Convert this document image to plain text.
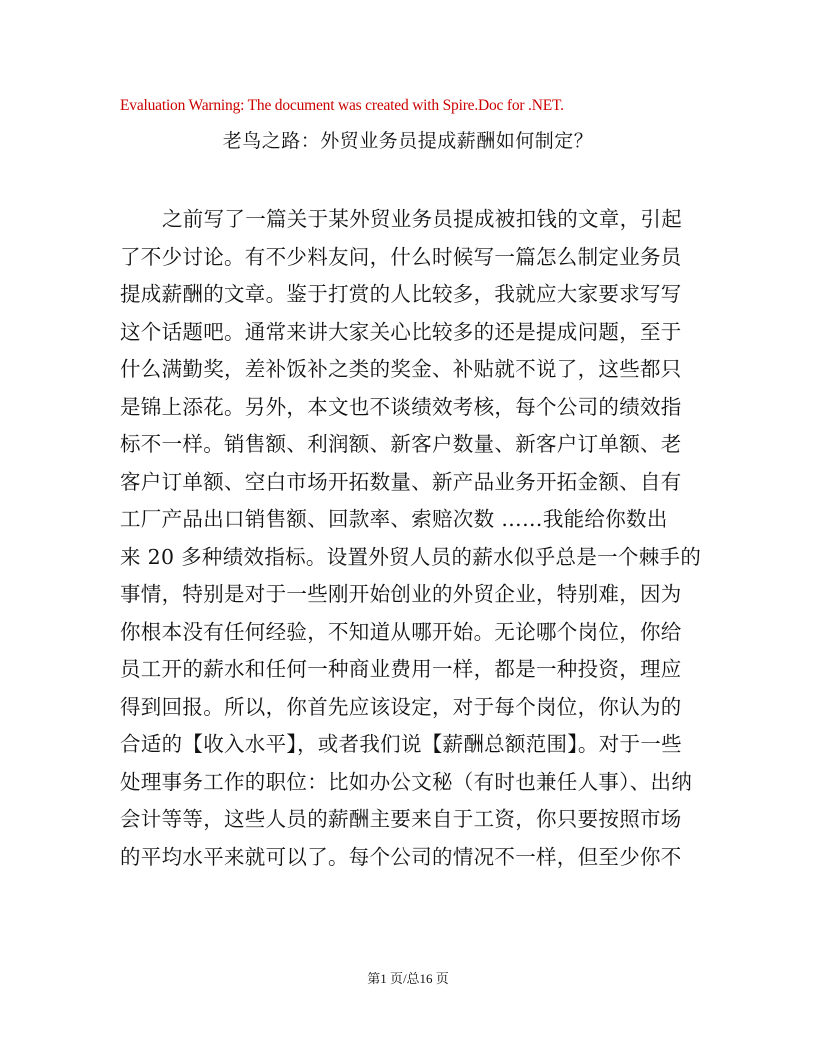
Evaluation Warning: The document was created with Spire.Doc for .NET.
老鸟之路：外贸业务员提成薪酬如何制定？
之前写了一篇关于某外贸业务员提成被扣钱的文章，引起
了不少讨论。有不少料友问，什么时候写一篇怎么制定业务员
提成薪酬的文章。鉴于打赏的人比较多，我就应大家要求写写
这个话题吧。通常来讲大家关心比较多的还是提成问题，至于
什么满勤奖，差补饭补之类的奖金、补贴就不说了，这些都只
是锦上添花。另外，本文也不谈绩效考核，每个公司的绩效指
标不一样。销售额、利润额、新客户数量、新客户订单额、老
客户订单额、空白市场开拓数量、新产品业务开拓金额、自有
工厂产品出口销售额、回款率、索赔次数 ……我能给你数出
来 20 多种绩效指标。设置外贸人员的薪水似乎总是一个棘手的
事情，特别是对于一些刚开始创业的外贸企业，特别难，因为
你根本没有任何经验，不知道从哪开始。无论哪个岗位，你给
员工开的薪水和任何一种商业费用一样，都是一种投资，理应
得到回报。所以，你首先应该设定，对于每个岗位，你认为的
合适的【收入水平】，或者我们说【薪酬总额范围】。对于一些
处理事务工作的职位：比如办公文秘（有时也兼任人事）、出纳
会计等等，这些人员的薪酬主要来自于工资，你只要按照市场
的平均水平来就可以了。每个公司的情况不一样，但至少你不
第1 页/总16 页
